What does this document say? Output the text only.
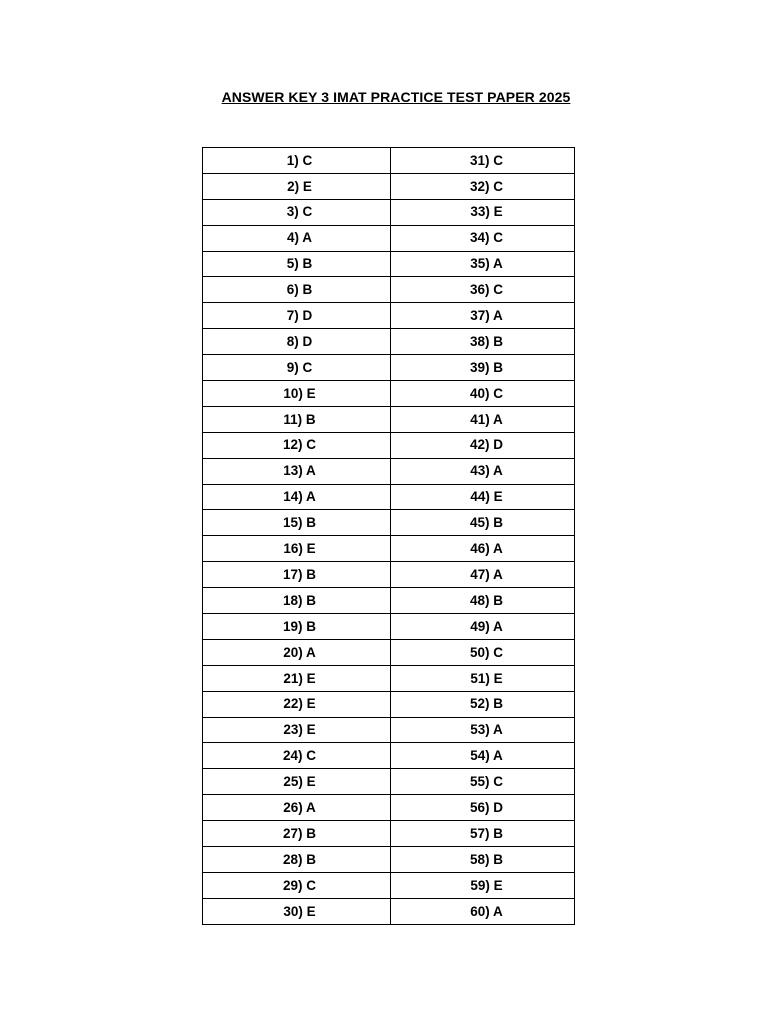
ANSWER KEY 3 IMAT PRACTICE TEST PAPER 2025
1) C	31) C
2) E	32) C
3) C	33) E
4) A	34) C
5) B	35) A
6) B	36) C
7) D	37) A
8) D	38) B
9) C	39) B
10) E	40) C
11) B	41) A
12) C	42) D
13) A	43) A
14) A	44) E
15) B	45) B
16) E	46) A
17) B	47) A
18) B	48) B
19) B	49) A
20) A	50) C
21) E	51) E
22) E	52) B
23) E	53) A
24) C	54) A
25) E	55) C
26) A	56) D
27) B	57) B
28) B	58) B
29) C	59) E
30) E	60) A
